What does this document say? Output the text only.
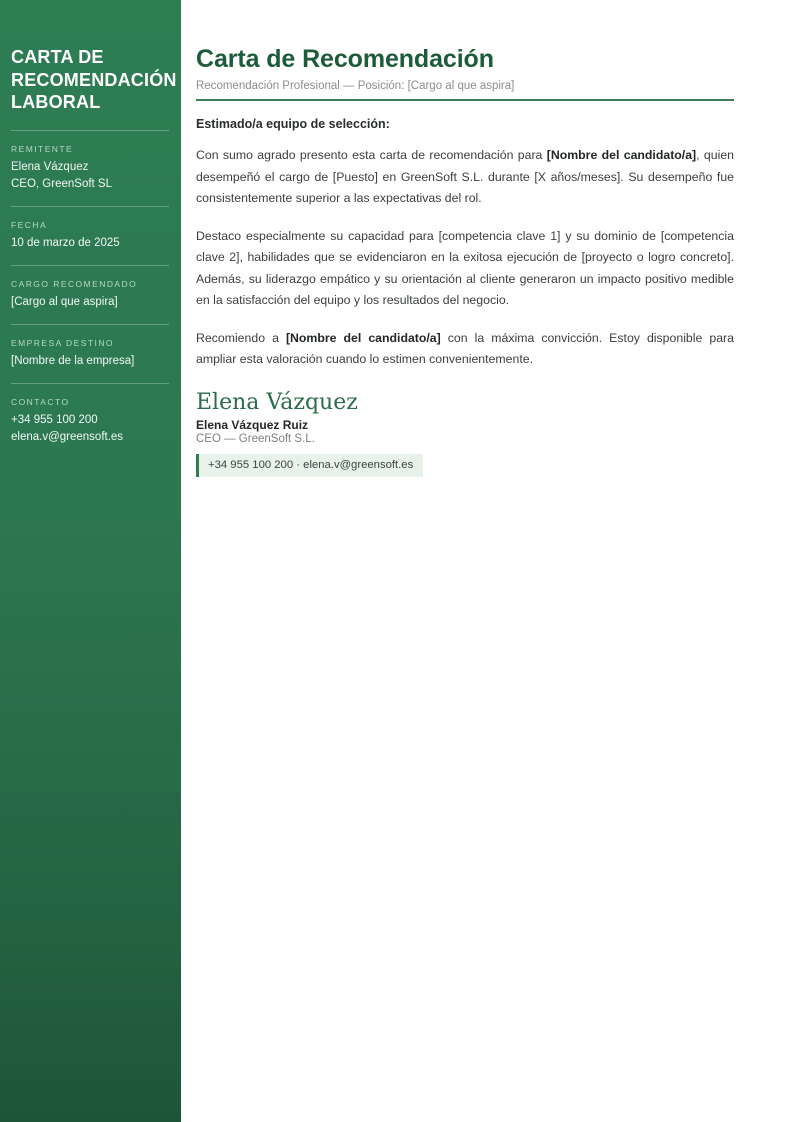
CARTA DE RECOMENDACIÓN LABORAL
REMITENTE
Elena Vázquez
CEO, GreenSoft SL
FECHA
10 de marzo de 2025
CARGO RECOMENDADO
[Cargo al que aspira]
EMPRESA DESTINO
[Nombre de la empresa]
CONTACTO
+34 955 100 200
elena.v@greensoft.es
Carta de Recomendación
Recomendación Profesional — Posición: [Cargo al que aspira]
Estimado/a equipo de selección:

Con sumo agrado presento esta carta de recomendación para [Nombre del candidato/a], quien desempeñó el cargo de [Puesto] en GreenSoft S.L. durante [X años/meses]. Su desempeño fue consistentemente superior a las expectativas del rol.

Destaco especialmente su capacidad para [competencia clave 1] y su dominio de [competencia clave 2], habilidades que se evidenciaron en la exitosa ejecución de [proyecto o logro concreto]. Además, su liderazgo empático y su orientación al cliente generaron un impacto positivo medible en la satisfacción del equipo y los resultados del negocio.

Recomiendo a [Nombre del candidato/a] con la máxima convicción. Estoy disponible para ampliar esta valoración cuando lo estimen convenientemente.

Elena Vázquez
Elena Vázquez Ruiz
CEO — GreenSoft S.L.
+34 955 100 200 · elena.v@greensoft.es
